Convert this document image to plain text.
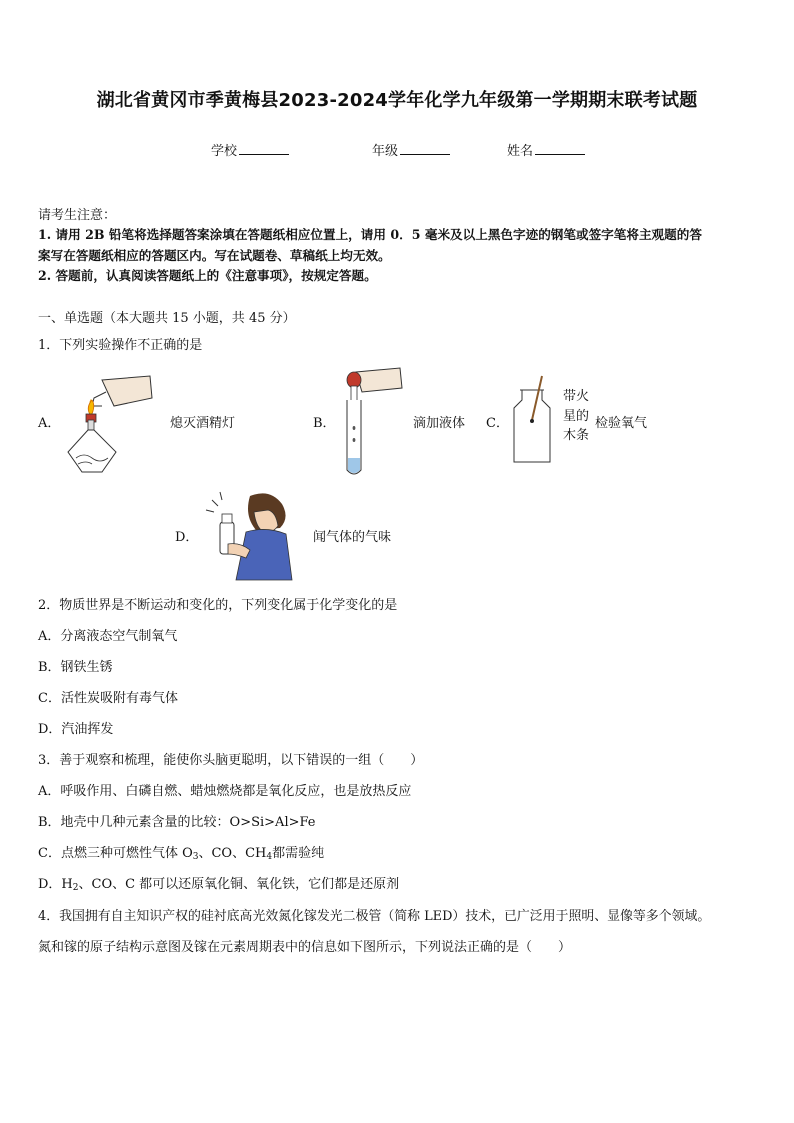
湖北省黄冈市季黄梅县2023-2024学年化学九年级第一学期期末联考试题
学校	年级	姓名
请考生注意：
1. 请用 2B 铅笔将选择题答案涂填在答题纸相应位置上，请用 0．5 毫米及以上黑色字迹的钢笔或签字笔将主观题的答
案写在答题纸相应的答题区内。写在试题卷、草稿纸上均无效。
2. 答题前，认真阅读答题纸上的《注意事项》，按规定答题。
一、单选题（本大题共 15 小题，共 45 分）
1．下列实验操作不正确的是
A．	熄灭酒精灯	B．	滴加液体 C．
带火
星的
木条
检验氧气
D．	闻气体的气味
2．物质世界是不断运动和变化的，下列变化属于化学变化的是
A．分离液态空气制氧气
B．钢铁生锈
C．活性炭吸附有毒气体
D．汽油挥发
3．善于观察和梳理，能使你头脑更聪明，以下错误的一组（　　）
A．呼吸作用、白磷自燃、蜡烛燃烧都是氧化反应，也是放热反应
B．地壳中几种元素含量的比较：O>Si>Al>Fe
C．点燃三种可燃性气体 $O_3$、CO、$CH_4$都需验纯
D．$H_2$、CO、C 都可以还原氧化铜、氧化铁，它们都是还原剂
4．我国拥有自主知识产权的硅衬底高光效氮化镓发光二极管（简称 LED）技术，已广泛用于照明、显像等多个领域。
氮和镓的原子结构示意图及镓在元素周期表中的信息如下图所示，下列说法正确的是（　　）
